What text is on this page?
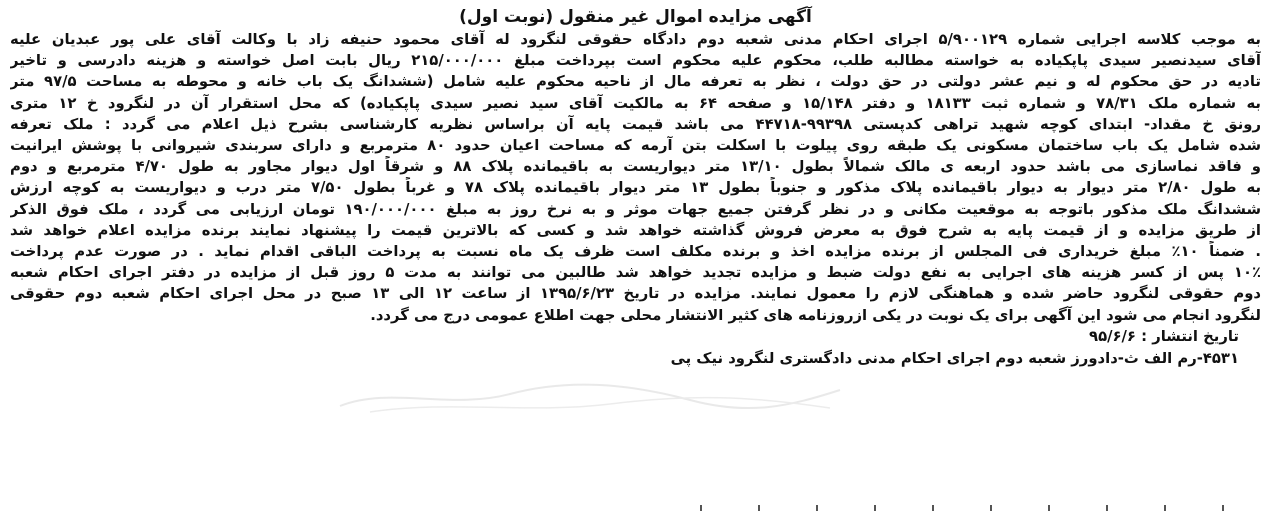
آگهی مزایده اموال غیر منقول (نوبت اول)
به موجب کلاسه اجرایی شماره ۵/۹۰۰۱۲۹ اجرای احکام مدنی شعبه دوم دادگاه حقوقی لنگرود له آقای محمود حنیفه زاد با وکالت آقای علی پور عبدیان علیه
آقای سیدنصیر سیدی پاپکیاده به خواسته مطالبه طلب، محکوم علیه محکوم است بپرداخت مبلغ ۲۱۵/۰۰۰/۰۰۰ ریال بابت اصل خواسته و هزینه دادرسی و تاخیر
تادیه در حق محکوم له و نیم عشر دولتی در حق دولت ، نظر به تعرفه مال از ناحیه محکوم علیه شامل (ششدانگ یک باب خانه و محوطه به مساحت ۹۷/۵ متر
به شماره ملک ۷۸/۳۱ و شماره ثبت ۱۸۱۳۳ و دفتر ۱۵/۱۴۸ و صفحه ۶۴ به مالکیت آقای سید نصیر سیدی پاپکیاده) که محل استقرار آن در لنگرود خ ۱۲ متری
رونق خ مقداد- ابتدای کوچه شهید تراهی کدپستی ۹۹۳۹۸-۴۴۷۱۸ می باشد قیمت پایه آن براساس نظریه کارشناسی بشرح ذیل اعلام می گردد : ملک تعرفه
شده شامل یک باب ساختمان مسکونی یک طبقه روی پیلوت با اسکلت بتن آرمه که مساحت اعیان حدود ۸۰ مترمربع و دارای سربندی شیروانی با پوشش ایرانیت
و فاقد نماسازی می باشد حدود اربعه ی مالک شمالاً بطول ۱۳/۱۰ متر دیواریست به باقیمانده پلاک ۸۸ و شرقاً اول دیوار مجاور به طول ۴/۷۰ مترمربع و دوم
به طول ۲/۸۰ متر دیوار به دیوار باقیمانده پلاک مذکور و جنوباً بطول ۱۳ متر دیوار باقیمانده پلاک ۷۸ و غرباً بطول ۷/۵۰ متر درب و دیواریست به کوچه ارزش
ششدانگ ملک مذکور باتوجه به موقعیت مکانی و در نظر گرفتن جمیع جهات موثر و به نرخ روز به مبلغ ۱۹۰/۰۰۰/۰۰۰ تومان ارزیابی می گردد ، ملک فوق الذکر
از طریق مزایده و از قیمت پایه به شرح فوق به معرض فروش گذاشته خواهد شد و کسی که بالاترین قیمت را پیشنهاد نمایند برنده مزایده اعلام خواهد شد
. ضمناً ۱۰٪ مبلغ خریداری فی المجلس از برنده مزایده اخذ و برنده مکلف است ظرف یک ماه نسبت به پرداخت الباقی اقدام نماید . در صورت عدم پرداخت
۱۰٪ پس از کسر هزینه های اجرایی به نفع دولت ضبط و مزایده تجدید خواهد شد طالبین می توانند به مدت ۵ روز قبل از مزایده در دفتر اجرای احکام شعبه
دوم حقوقی لنگرود حاضر شده و هماهنگی لازم را معمول نمایند. مزایده در تاریخ ۱۳۹۵/۶/۲۳ از ساعت ۱۲ الی ۱۳ صبح در محل اجرای احکام شعبه دوم حقوقی
لنگرود انجام می شود این آگهی برای یک نوبت در یکی ازروزنامه های کثیر الانتشار محلی جهت اطلاع عمومی درج می گردد.
تاریخ انتشار : ۹۵/۶/۶
۴۵۳۱-رم الف ث-دادورز شعبه دوم اجرای احکام مدنی دادگستری لنگرود نیک پی
